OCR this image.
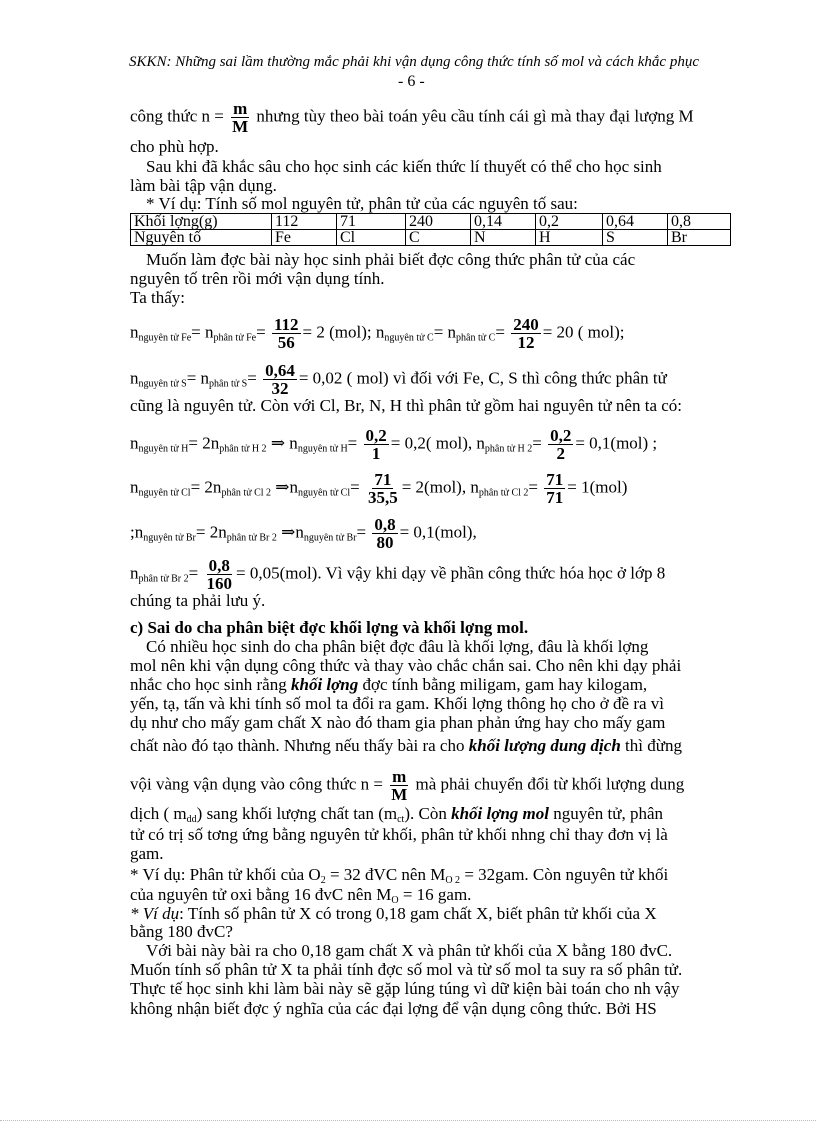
SKKN: Những sai lầm thường mắc phải khi vận dụng công thức tính số mol và cách khắc phục
- 6 -
công thức $n = \frac{m}{M}$ nhưng tùy theo bài toán yêu cầu tính cái gì mà thay đại lượng M
cho phù hợp.
Sau khi đã khắc sâu cho học sinh các kiến thức lí thuyết có thể cho học sinh
làm bài tập vận dụng.
* Ví dụ: Tính số mol nguyên tử, phân tử của các nguyên tố sau:
Khối lợng(g)	112	71	240	0,14	0,2	0,64	0,8
Nguyên tố	Fe	Cl	C	N	H	S	Br
Muốn làm đợc bài này học sinh phải biết đợc công thức phân tử của các
nguyên tố trên rồi mới vận dụng tính.
Ta thấy:
$n_{nguyên tử Fe}= n_{phân tử Fe}= \frac{112}{56} = 2$ (mol); $n_{nguyên tử C}= n_{phân tử C}= \frac{240}{12} = 20$ ( mol);
$n_{nguyên tử S}= n_{phân tử S}= \frac{0,64}{32} = 0,02$ ( mol) vì đối với Fe, C, S thì công thức phân tử
cũng là nguyên tử. Còn với Cl, Br, N, H thì phân tử gồm hai nguyên tử nên ta có:
$n_{nguyên tử H}= 2n_{phân tử H 2}$ ⇒ $n_{nguyên tử H}= \frac{0,2}{1} = 0,2$( mol), $n_{phân tử H 2}= \frac{0,2}{2} = 0,1(mol)$ ;
$n_{nguyên tử Cl}= 2n_{phân tử Cl 2}$ $\Rightarrow n_{nguyên tử Cl}= \frac{71}{35,5} = 2(mol)$, $n_{phân tử Cl 2}= \frac{71}{71} = 1(mol)$
$;n_{nguyên tử Br}= 2n_{phân tử Br 2}$ $\Rightarrow n_{nguyên tử Br}= \frac{0,8}{80} = 0,1(mol)$,
$n_{phân tử Br 2}= \frac{0,8}{160} = 0,05(mol)$. Vì vậy khi dạy về phần công thức hóa học ở lớp 8
chúng ta phải lưu ý.
c) Sai do cha phân biệt đợc khối lợng và khối lợng mol.
Có nhiều học sinh do cha phân biệt đợc đâu là khối lợng, đâu là khối lợng
mol nên khi vận dụng công thức và thay vào chắc chắn sai. Cho nên khi dạy phải
nhắc cho học sinh rằng khối lợng đợc tính bằng miligam, gam hay kilogam,
yến, tạ, tấn và khi tính số mol ta đổi ra gam. Khối lợng thông họ cho ở đề ra vì
dụ như cho mấy gam chất X nào đó tham gia phan phản ứng hay cho mấy gam
chất nào đó tạo thành. Nhưng nếu thấy bài ra cho khối lượng dung dịch thì đừng
vội vàng vận dụng vào công thức $n = \frac{m}{M}$ mà phải chuyển đổi từ khối lượng dung
dịch ( $m_{dd}$) sang khối lượng chất $\tan (m_{ct})$. Còn khối lợng mol nguyên tử, phân
tử có trị số tơng ứng bằng nguyên tử khối, phân tử khối nhng chỉ thay đơn vị là
gam.
* Ví dụ: Phân tử khối của $O_2 = 32$ đVC nên $M_{O 2} = 32gam$. Còn nguyên tử khối
của nguyên tử oxi bằng 16 đvC nên $M_O = 16$ gam.
* Ví dụ: Tính số phân tử X có trong 0,18 gam chất X, biết phân tử khối của X
bằng 180 đvC?
Với bài này bài ra cho 0,18 gam chất X và phân tử khối của X bằng 180 đvC.
Muốn tính số phân tử X ta phải tính đợc số mol và từ số mol ta suy ra số phân tử.
Thực tế học sinh khi làm bài này sẽ gặp lúng túng vì dữ kiện bài toán cho nh vậy
không nhận biết đợc ý nghĩa của các đại lợng để vận dụng công thức. Bởi HS
